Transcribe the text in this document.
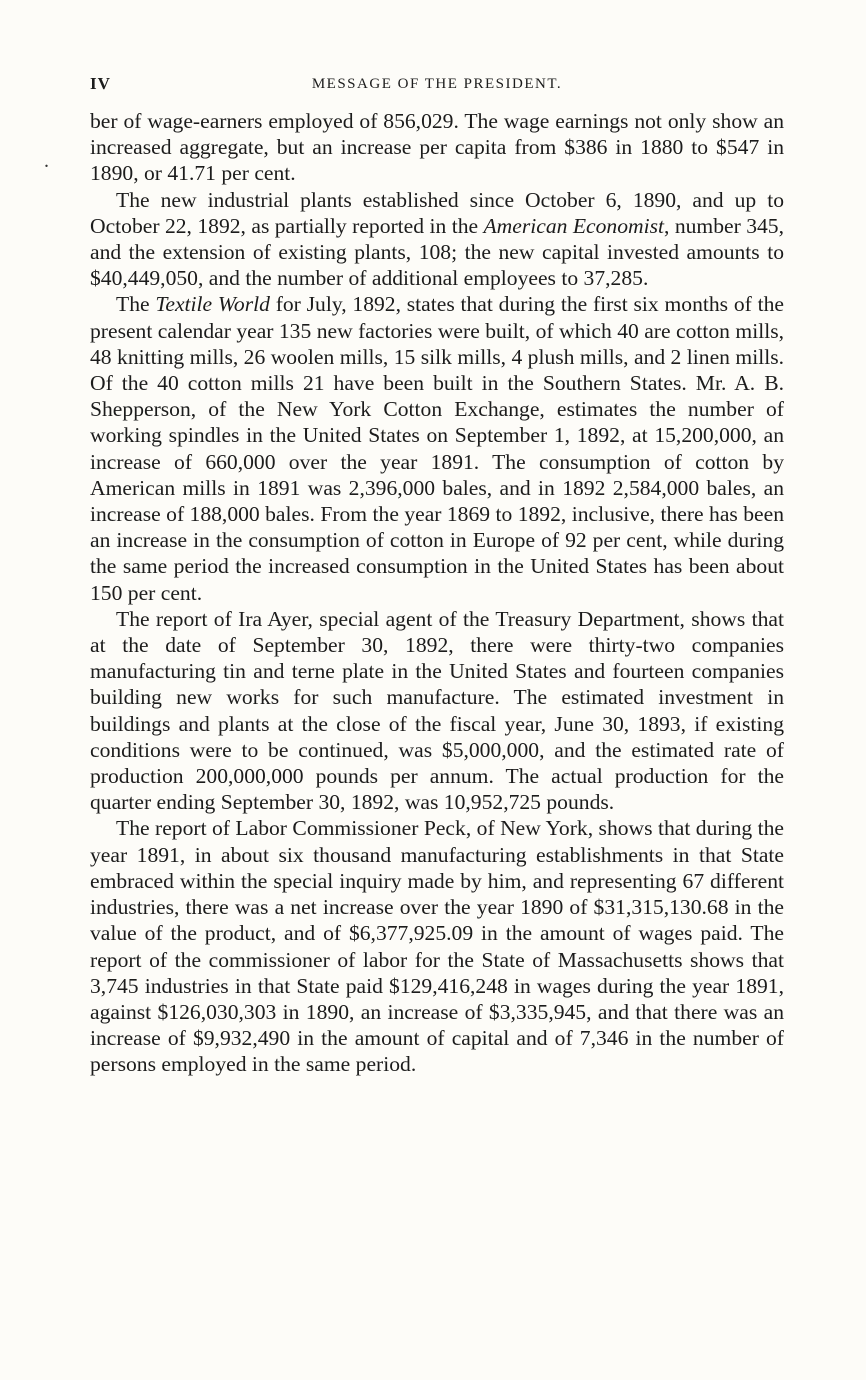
IV	MESSAGE OF THE PRESIDENT.

ber of wage-earners employed of 856,029. The wage earnings not only show an increased aggregate, but an increase per capita from $386 in 1880 to $547 in 1890, or 41.71 per cent.

The new industrial plants established since October 6, 1890, and up to October 22, 1892, as partially reported in the American Economist, number 345, and the extension of existing plants, 108; the new capital invested amounts to $40,449,050, and the number of additional employees to 37,285.

The Textile World for July, 1892, states that during the first six months of the present calendar year 135 new factories were built, of which 40 are cotton mills, 48 knitting mills, 26 woolen mills, 15 silk mills, 4 plush mills, and 2 linen mills. Of the 40 cotton mills 21 have been built in the Southern States. Mr. A. B. Shepperson, of the New York Cotton Exchange, estimates the number of working spindles in the United States on September 1, 1892, at 15,200,000, an increase of 660,000 over the year 1891. The consumption of cotton by American mills in 1891 was 2,396,000 bales, and in 1892 2,584,000 bales, an increase of 188,000 bales. From the year 1869 to 1892, inclusive, there has been an increase in the consumption of cotton in Europe of 92 per cent, while during the same period the increased consumption in the United States has been about 150 per cent.

The report of Ira Ayer, special agent of the Treasury Department, shows that at the date of September 30, 1892, there were thirty-two companies manufacturing tin and terne plate in the United States and fourteen companies building new works for such manufacture. The estimated investment in buildings and plants at the close of the fiscal year, June 30, 1893, if existing conditions were to be continued, was $5,000,000, and the estimated rate of production 200,000,000 pounds per annum. The actual production for the quarter ending September 30, 1892, was 10,952,725 pounds.

The report of Labor Commissioner Peck, of New York, shows that during the year 1891, in about six thousand manufacturing establishments in that State embraced within the special inquiry made by him, and representing 67 different industries, there was a net increase over the year 1890 of $31,315,130.68 in the value of the product, and of $6,377,925.09 in the amount of wages paid. The report of the commissioner of labor for the State of Massachusetts shows that 3,745 industries in that State paid $129,416,248 in wages during the year 1891, against $126,030,303 in 1890, an increase of $3,335,945, and that there was an increase of $9,932,490 in the amount of capital and of 7,346 in the number of persons employed in the same period.

.
